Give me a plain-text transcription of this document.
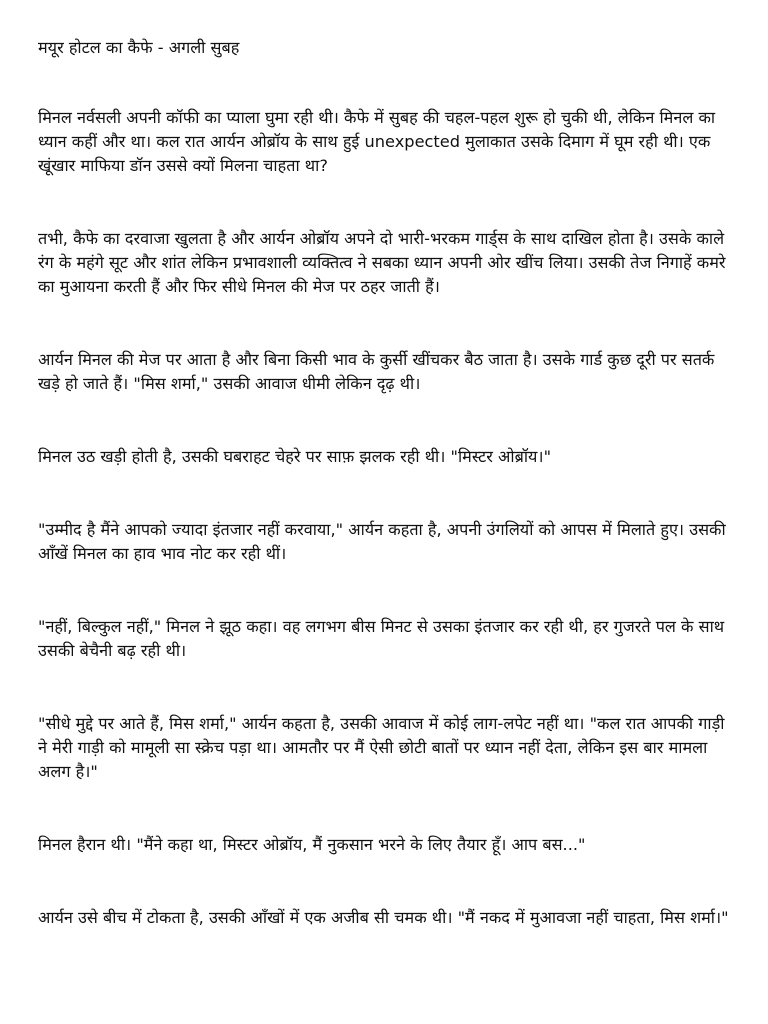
मयूर होटल का कैफे - अगली सुबह

मिनल नर्वसली अपनी कॉफी का प्याला घुमा रही थी। कैफे में सुबह की चहल-पहल शुरू हो चुकी थी, लेकिन मिनल का ध्यान कहीं और था। कल रात आर्यन ओब्रॉय के साथ हुई unexpected मुलाकात उसके दिमाग में घूम रही थी। एक खूंखार माफिया डॉन उससे क्यों मिलना चाहता था?

तभी, कैफे का दरवाजा खुलता है और आर्यन ओब्रॉय अपने दो भारी-भरकम गार्ड्स के साथ दाखिल होता है। उसके काले रंग के महंगे सूट और शांत लेकिन प्रभावशाली व्यक्तित्व ने सबका ध्यान अपनी ओर खींच लिया। उसकी तेज निगाहें कमरे का मुआयना करती हैं और फिर सीधे मिनल की मेज पर ठहर जाती हैं।

आर्यन मिनल की मेज पर आता है और बिना किसी भाव के कुर्सी खींचकर बैठ जाता है। उसके गार्ड कुछ दूरी पर सतर्क खड़े हो जाते हैं। "मिस शर्मा," उसकी आवाज धीमी लेकिन दृढ़ थी।

मिनल उठ खड़ी होती है, उसकी घबराहट चेहरे पर साफ़ झलक रही थी। "मिस्टर ओब्रॉय।"

"उम्मीद है मैंने आपको ज्यादा इंतजार नहीं करवाया," आर्यन कहता है, अपनी उंगलियों को आपस में मिलाते हुए। उसकी आँखें मिनल का हाव भाव नोट कर रही थीं।

"नहीं, बिल्कुल नहीं," मिनल ने झूठ कहा। वह लगभग बीस मिनट से उसका इंतजार कर रही थी, हर गुजरते पल के साथ उसकी बेचैनी बढ़ रही थी।

"सीधे मुद्दे पर आते हैं, मिस शर्मा," आर्यन कहता है, उसकी आवाज में कोई लाग-लपेट नहीं था। "कल रात आपकी गाड़ी ने मेरी गाड़ी को मामूली सा स्क्रेच पड़ा था। आमतौर पर मैं ऐसी छोटी बातों पर ध्यान नहीं देता, लेकिन इस बार मामला अलग है।"

मिनल हैरान थी। "मैंने कहा था, मिस्टर ओब्रॉय, मैं नुकसान भरने के लिए तैयार हूँ। आप बस..."

आर्यन उसे बीच में टोकता है, उसकी आँखों में एक अजीब सी चमक थी। "मैं नकद में मुआवजा नहीं चाहता, मिस शर्मा।"
